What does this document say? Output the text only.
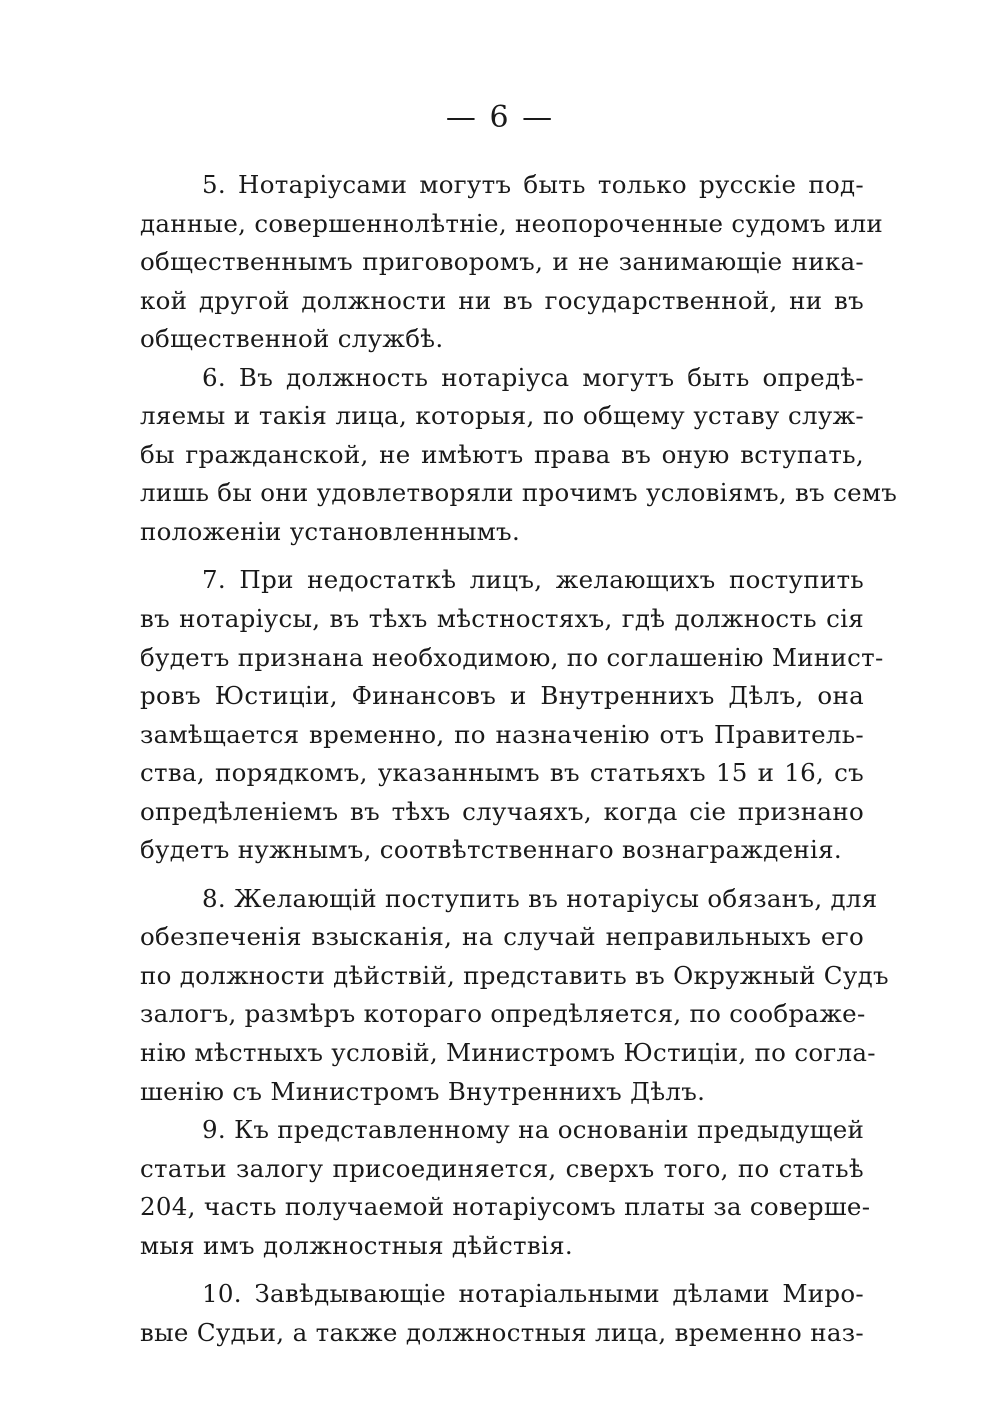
— 6 —
5. Нотаріусами могутъ быть только русскіе под-
данные, совершеннолѣтніе, неопороченные судомъ или
общественнымъ приговоромъ, и не занимающіе ника-
кой другой должности ни въ государственной, ни въ
общественной службѣ.
6. Въ должность нотаріуса могутъ быть опредѣ-
ляемы и такія лица, которыя, по общему уставу служ-
бы гражданской, не имѣютъ права въ оную вступать,
лишь бы они удовлетворяли прочимъ условіямъ, въ семъ
положеніи установленнымъ.
7. При недостаткѣ лицъ, желающихъ поступить
въ нотаріусы, въ тѣхъ мѣстностяхъ, гдѣ должность сія
будетъ признана необходимою, по соглашенію Минист-
ровъ Юстиціи, Финансовъ и Внутреннихъ Дѣлъ, она
замѣщается временно, по назначенію отъ Правитель-
ства, порядкомъ, указаннымъ въ статьяхъ 15 и 16, съ
опредѣленіемъ въ тѣхъ случаяхъ, когда сіе признано
будетъ нужнымъ, соотвѣтственнаго вознагражденія.
8. Желающій поступить въ нотаріусы обязанъ, для
обезпеченія взысканія, на случай неправильныхъ его
по должности дѣйствій, представить въ Окружный Судъ
залогъ, размѣръ котораго опредѣляется, по соображе-
нію мѣстныхъ условій, Министромъ Юстиціи, по согла-
шенію съ Министромъ Внутреннихъ Дѣлъ.
9. Къ представленному на основаніи предыдущей
статьи залогу присоединяется, сверхъ того, по статьѣ
204, часть получаемой нотаріусомъ платы за соверше-
мыя имъ должностныя дѣйствія.
10. Завѣдывающіе нотаріальными дѣлами Миро-
вые Судьи, а также должностныя лица, временно наз-
